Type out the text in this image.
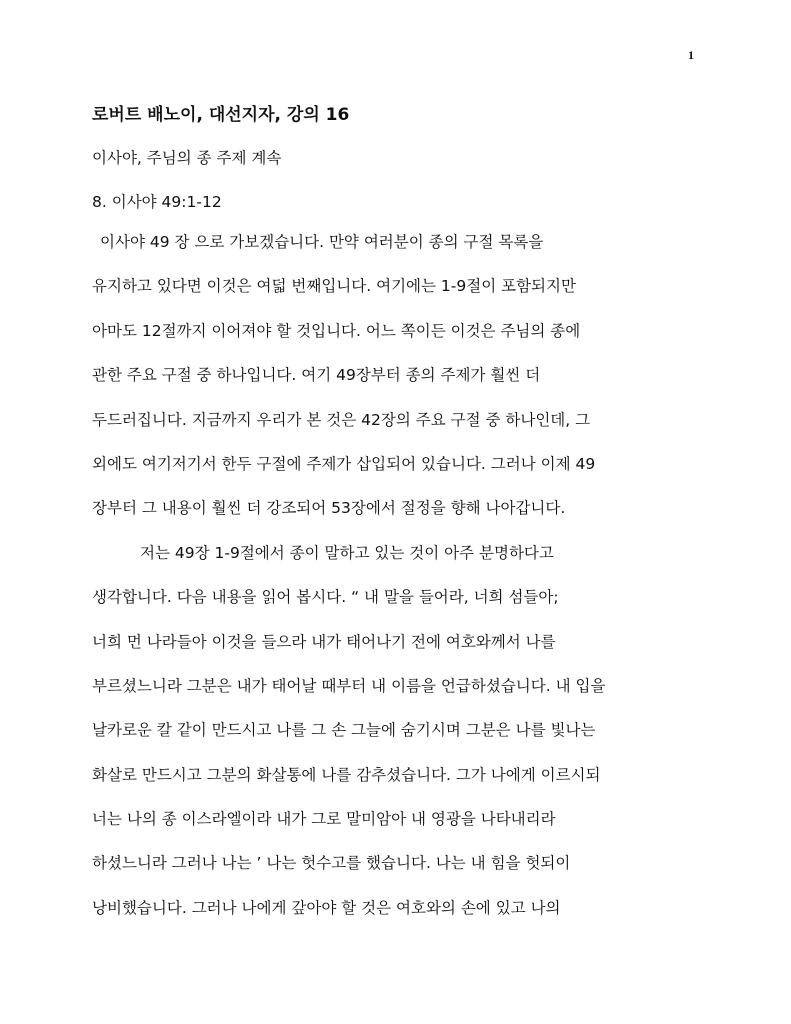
1
로버트 배노이, 대선지자, 강의 16
이사야, 주님의 종 주제 계속
8. 이사야 49:1-12
이사야 49 장 으로 가보겠습니다. 만약 여러분이 종의 구절 목록을
유지하고 있다면 이것은 여덟 번째입니다. 여기에는 1-9절이 포함되지만
아마도 12절까지 이어져야 할 것입니다. 어느 쪽이든 이것은 주님의 종에
관한 주요 구절 중 하나입니다. 여기 49장부터 종의 주제가 훨씬 더
두드러집니다. 지금까지 우리가 본 것은 42장의 주요 구절 중 하나인데, 그
외에도 여기저기서 한두 구절에 주제가 삽입되어 있습니다. 그러나 이제 49
장부터 그 내용이 훨씬 더 강조되어 53장에서 절정을 향해 나아갑니다.
저는 49장 1-9절에서 종이 말하고 있는 것이 아주 분명하다고
생각합니다. 다음 내용을 읽어 봅시다. “ 내 말을 들어라, 너희 섬들아;
너희 먼 나라들아 이것을 들으라 내가 태어나기 전에 여호와께서 나를
부르셨느니라 그분은 내가 태어날 때부터 내 이름을 언급하셨습니다. 내 입을
날카로운 칼 같이 만드시고 나를 그 손 그늘에 숨기시며 그분은 나를 빛나는
화살로 만드시고 그분의 화살통에 나를 감추셨습니다. 그가 나에게 이르시되
너는 나의 종 이스라엘이라 내가 그로 말미암아 내 영광을 나타내리라
하셨느니라 그러나 나는 ’ 나는 헛수고를 했습니다. 나는 내 힘을 헛되이
낭비했습니다. 그러나 나에게 갚아야 할 것은 여호와의 손에 있고 나의
